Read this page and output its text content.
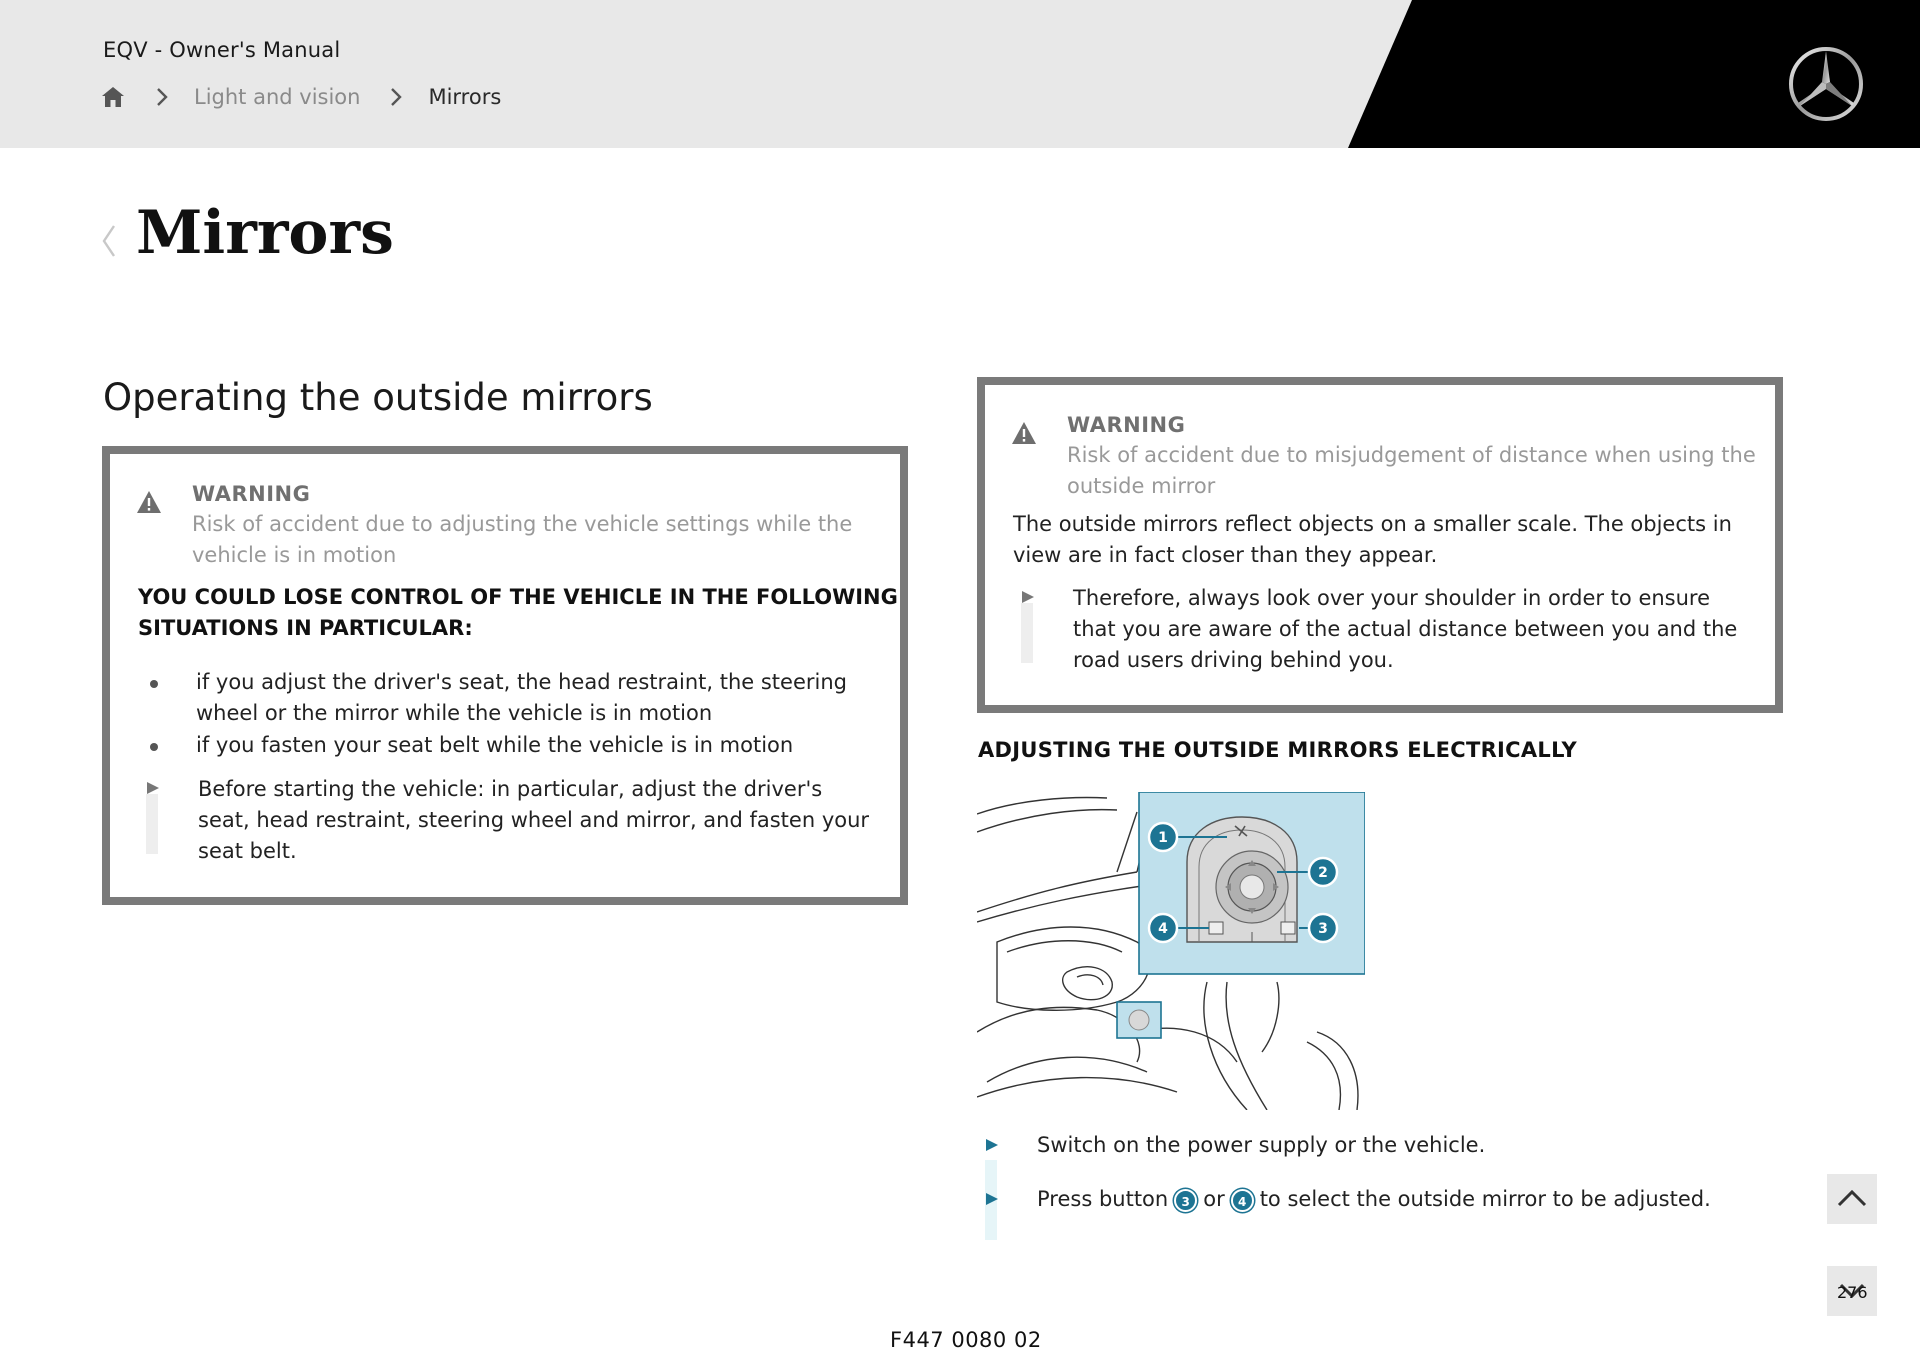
EQV - Owner's Manual
Light and vision	Mirrors
Mirrors
Operating the outside mirrors
WARNING
Risk of accident due to adjusting the vehicle settings while the
vehicle is in motion
YOU COULD LOSE CONTROL OF THE VEHICLE IN THE FOLLOWING
SITUATIONS IN PARTICULAR:
if you adjust the driver's seat, the head restraint, the steering
wheel or the mirror while the vehicle is in motion
if you fasten your seat belt while the vehicle is in motion
Before starting the vehicle: in particular, adjust the driver's
seat, head restraint, steering wheel and mirror, and fasten your
seat belt.
WARNING
Risk of accident due to misjudgement of distance when using the
outside mirror
The outside mirrors reflect objects on a smaller scale. The objects in
view are in fact closer than they appear.
Therefore, always look over your shoulder in order to ensure
that you are aware of the actual distance between you and the
road users driving behind you.
ADJUSTING THE OUTSIDE MIRRORS ELECTRICALLY
1
2
3
4
Switch on the power supply or the vehicle.
Press button 3 or 4 to select the outside mirror to be adjusted.
F447 0080 02
276
